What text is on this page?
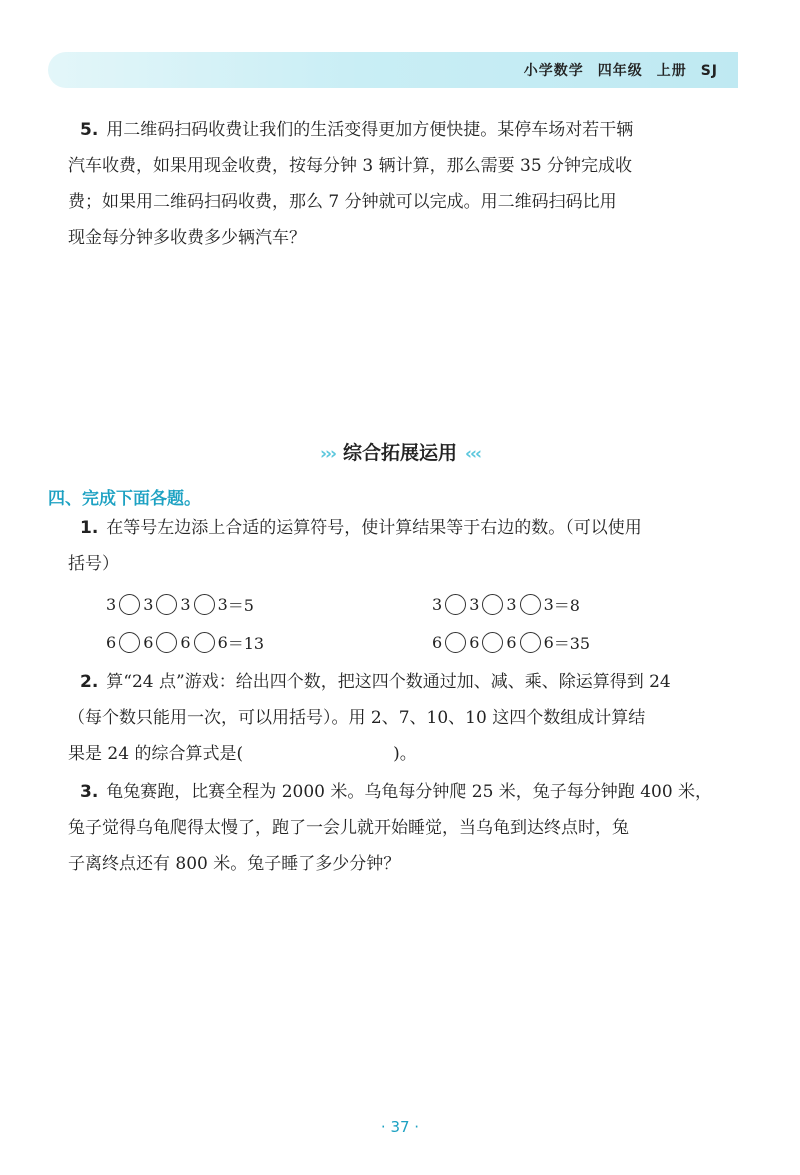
小学数学 四年级 上册 SJ
5. 用二维码扫码收费让我们的生活变得更加方便快捷。某停车场对若干辆
汽车收费，如果用现金收费，按每分钟 3 辆计算，那么需要 35 分钟完成收
费；如果用二维码扫码收费，那么 7 分钟就可以完成。用二维码扫码比用
现金每分钟多收费多少辆汽车？
››› 综合拓展运用 ‹‹‹
四、完成下面各题。
1. 在等号左边添上合适的运算符号，使计算结果等于右边的数。（可以使用
括号）
3 3 3 3 ＝5	3 3 3 3 ＝8
6 6 6 6 ＝13	6 6 6 6 ＝35
2. 算“24 点”游戏：给出四个数，把这四个数通过加、减、乘、除运算得到 24
（每个数只能用一次，可以用括号）。用 2、7、10、10 这四个数组成计算结
果是 24 的综合算式是(	)。
3. 龟兔赛跑，比赛全程为 2000 米。乌龟每分钟爬 25 米，兔子每分钟跑 400 米，
兔子觉得乌龟爬得太慢了，跑了一会儿就开始睡觉，当乌龟到达终点时，兔
子离终点还有 800 米。兔子睡了多少分钟？
· 37 ·
